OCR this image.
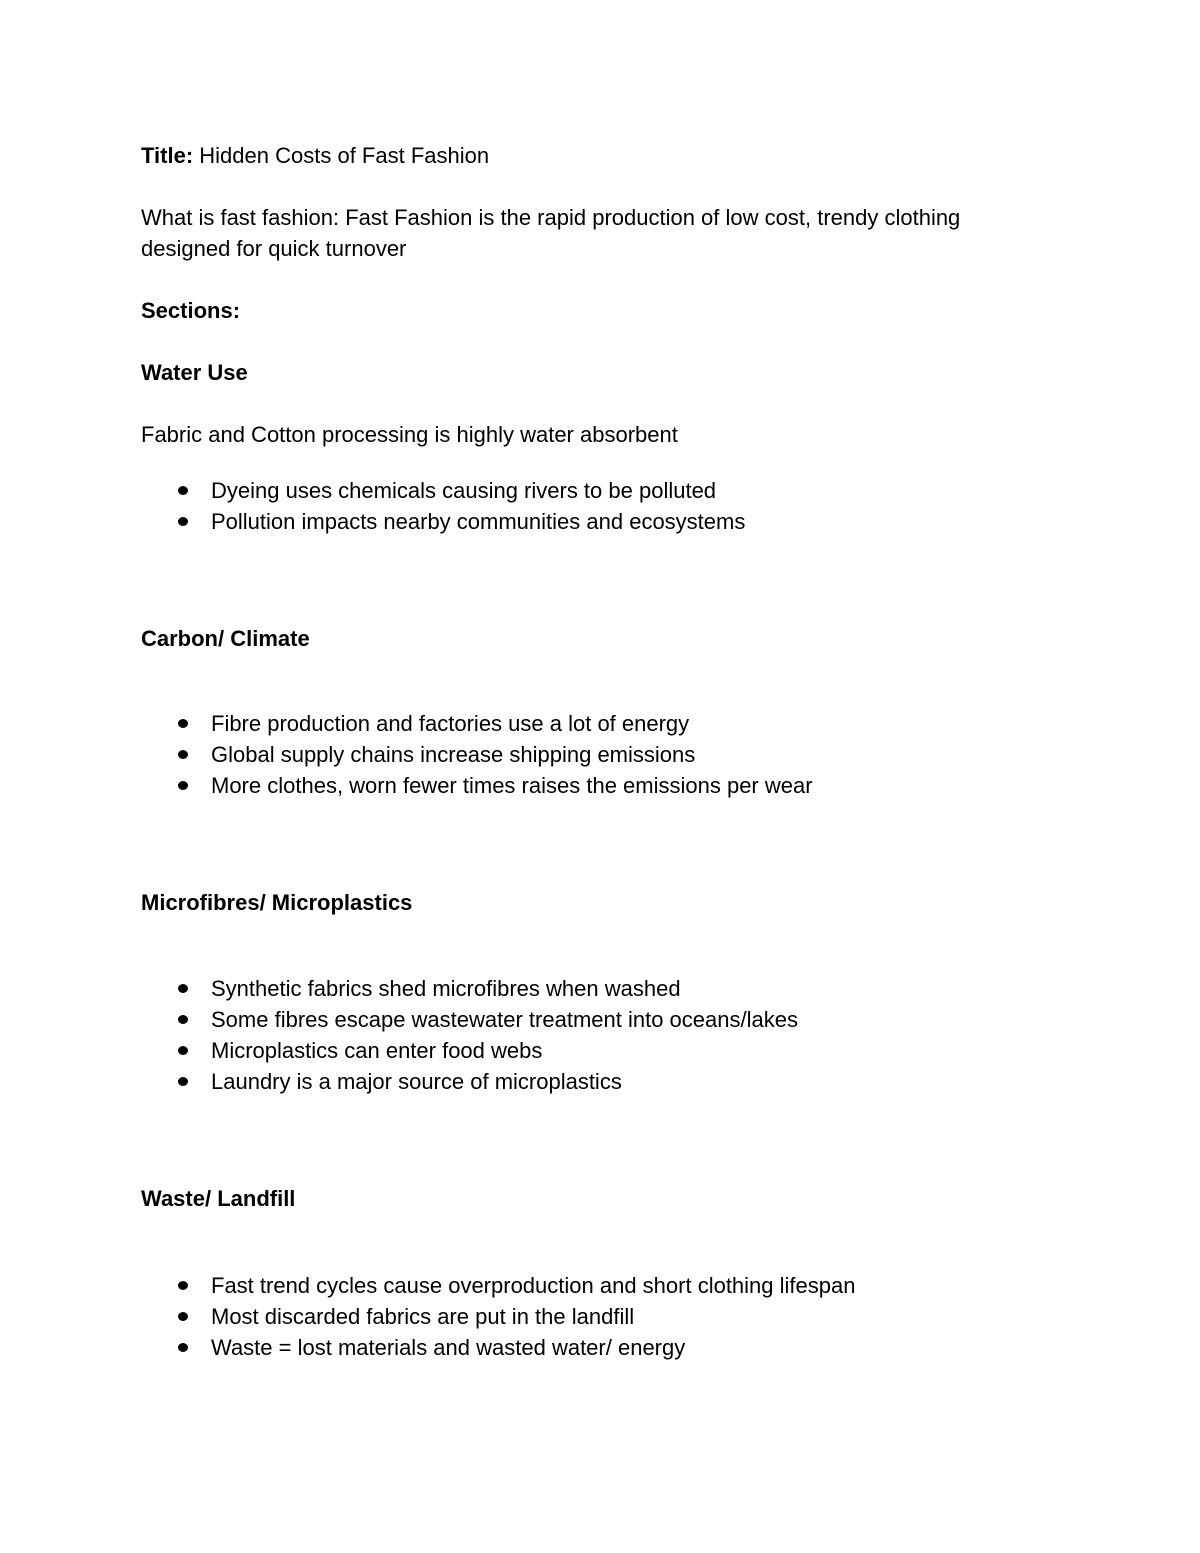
Title: Hidden Costs of Fast Fashion
What is fast fashion: Fast Fashion is the rapid production of low cost, trendy clothing
designed for quick turnover
Sections:
Water Use
Fabric and Cotton processing is highly water absorbent
Dyeing uses chemicals causing rivers to be polluted
Pollution impacts nearby communities and ecosystems
Carbon/ Climate
Fibre production and factories use a lot of energy
Global supply chains increase shipping emissions
More clothes, worn fewer times raises the emissions per wear
Microfibres/ Microplastics
Synthetic fabrics shed microfibres when washed
Some fibres escape wastewater treatment into oceans/lakes
Microplastics can enter food webs
Laundry is a major source of microplastics
Waste/ Landfill
Fast trend cycles cause overproduction and short clothing lifespan
Most discarded fabrics are put in the landfill
Waste = lost materials and wasted water/ energy
